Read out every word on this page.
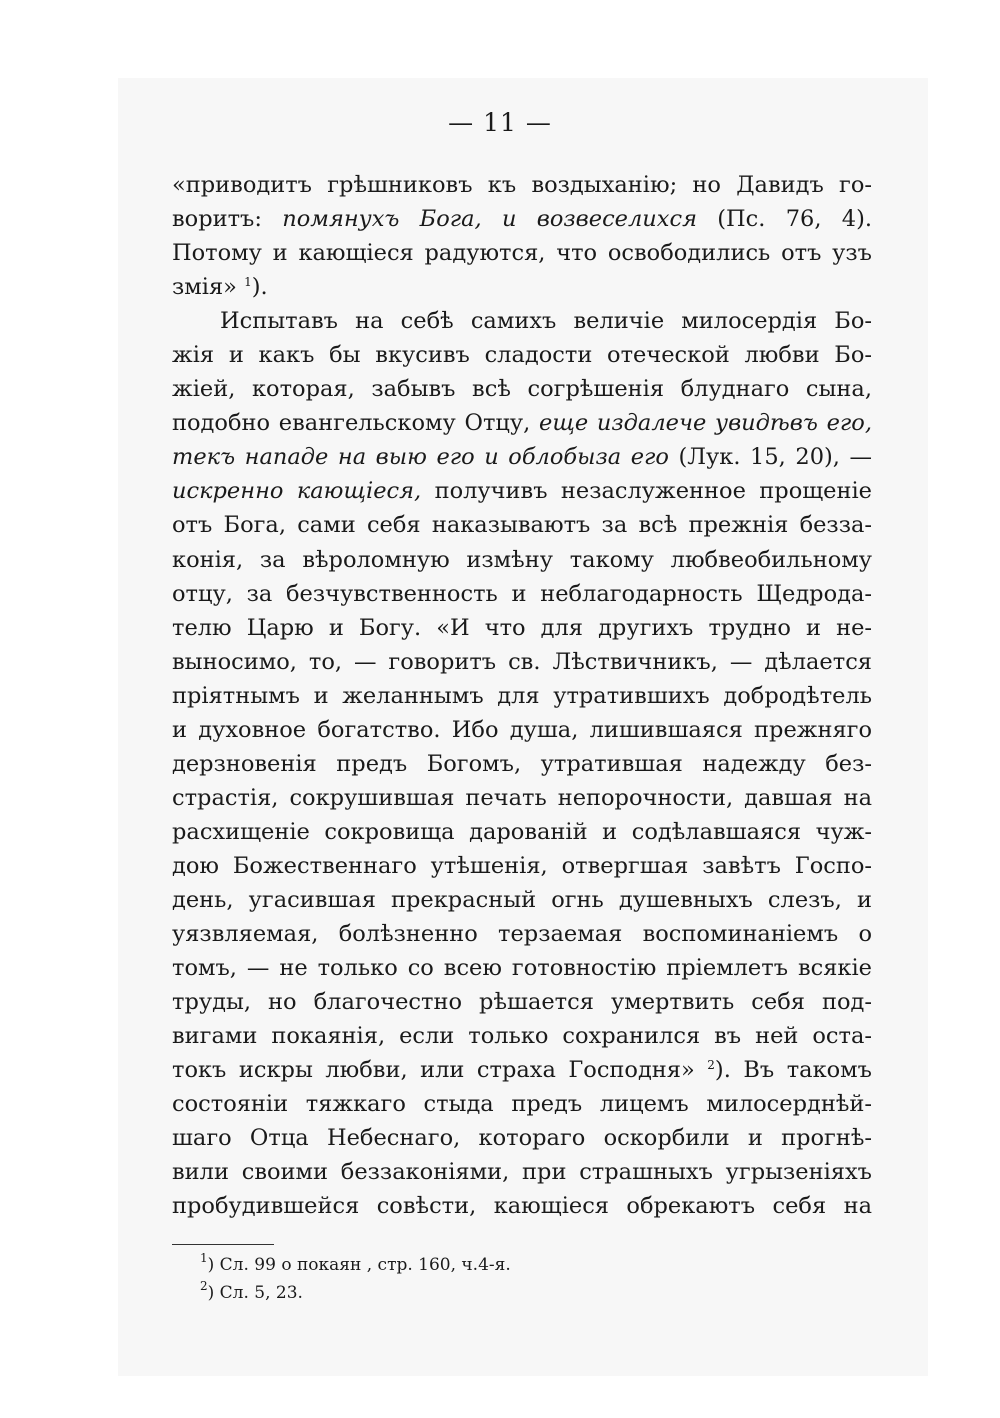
— 11 —
«приводитъ грѣшниковъ къ воздыханію; но Давидъ го-
воритъ: помянухъ Бога, и возвеселихся (Пс. 76, 4).
Потому и кающіеся радуются, что освободились отъ узъ
змія» $^1$).
Испытавъ на себѣ самихъ величіе милосердія Бо-
жія и какъ бы вкусивъ сладости отеческой любви Бо-
жіей, которая, забывъ всѣ согрѣшенія блуднаго сына,
подобно евангельскому Отцу, еще издалече увидѣвъ его,
текъ нападе на выю его и облобыза его (Лук. 15, 20), —
искренно кающіеся, получивъ незаслуженное прощеніе
отъ Бога, сами себя наказываютъ за всѣ прежнія безза-
конія, за вѣроломную измѣну такому любвеобильному
отцу, за безчувственность и неблагодарность Щедрода-
телю Царю и Богу. «И что для другихъ трудно и не-
выносимо, то, — говоритъ св. Лѣствичникъ, — дѣлается
пріятнымъ и желаннымъ для утратившихъ добродѣтель
и духовное богатство. Ибо душа, лишившаяся прежняго
дерзновенія предъ Богомъ, утратившая надежду без-
страстія, сокрушившая печать непорочности, давшая на
расхищеніе сокровища дарованій и содѣлавшаяся чуж-
дою Божественнаго утѣшенія, отвергшая завѣтъ Госпо-
день, угасившая прекрасный огнь душевныхъ слезъ, и
уязвляемая, болѣзненно терзаемая воспоминаніемъ о
томъ, — не только со всею готовностію пріемлетъ всякіе
труды, но благочестно рѣшается умертвить себя под-
вигами покаянія, если только сохранился въ ней оста-
токъ искры любви, или страха Господня» $^2$). Въ такомъ
состояніи тяжкаго стыда предъ лицемъ милосерднѣй-
шаго Отца Небеснаго, котораго оскорбили и прогнѣ-
вили своими беззаконіями, при страшныхъ угрызеніяхъ
пробудившейся совѣсти, кающіеся обрекаютъ себя на
$^1$) Сл. 99 о покаян , стр. 160, ч.4-я.
$^2$) Сл. 5, 23.
